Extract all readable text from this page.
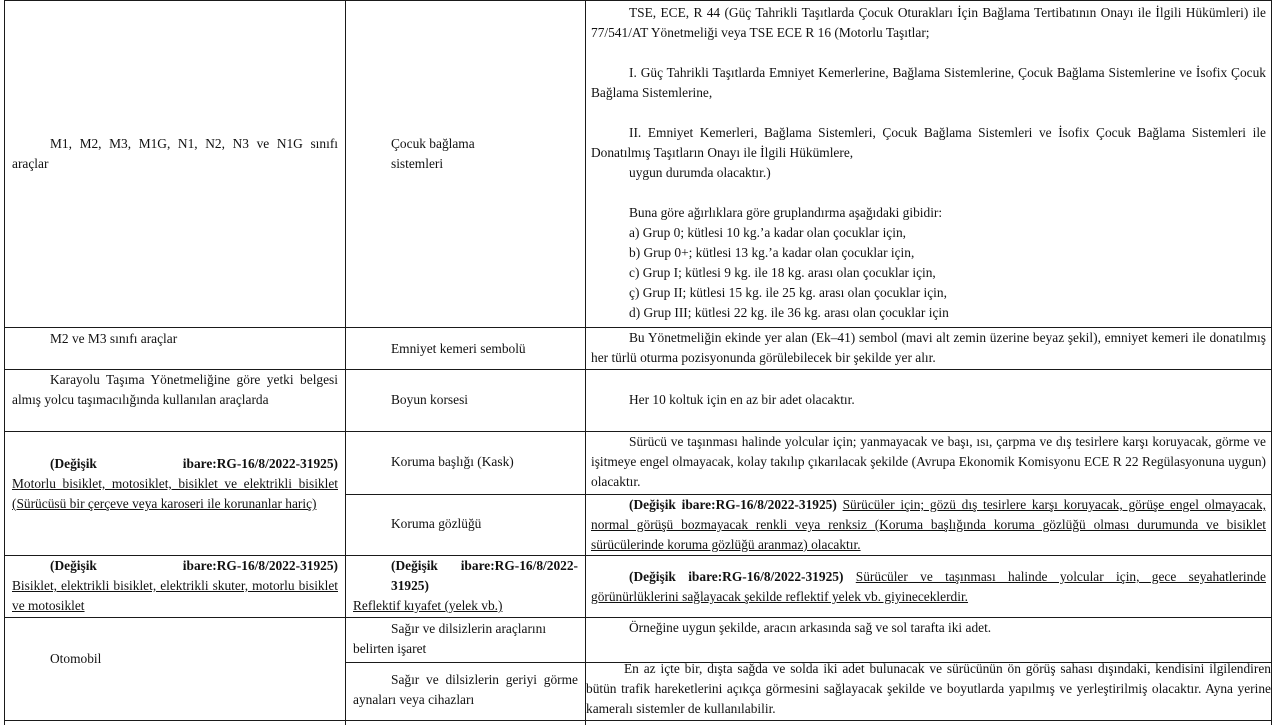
M1, M2, M3, M1G, N1, N2, N3 ve N1G sınıfı araçlar

Çocuk bağlama sistemleri

TSE, ECE, R 44 (Güç Tahrikli Taşıtlarda Çocuk Oturakları İçin Bağlama Tertibatının Onayı ile İlgili Hükümleri) ile 77/541/AT Yönetmeliği veya TSE ECE R 16 (Motorlu Taşıtlar;

I. Güç Tahrikli Taşıtlarda Emniyet Kemerlerine, Bağlama Sistemlerine, Çocuk Bağlama Sistemlerine ve İsofix Çocuk Bağlama Sistemlerine,

II. Emniyet Kemerleri, Bağlama Sistemleri, Çocuk Bağlama Sistemleri ve İsofix Çocuk Bağlama Sistemleri ile Donatılmış Taşıtların Onayı ile İlgili Hükümlere,

uygun durumda olacaktır.)

Buna göre ağırlıklara göre gruplandırma aşağıdaki gibidir:

a) Grup 0; kütlesi 10 kg.’a kadar olan çocuklar için,

b) Grup 0+; kütlesi 13 kg.’a kadar olan çocuklar için,

c) Grup I; kütlesi 9 kg. ile 18 kg. arası olan çocuklar için,

ç) Grup II; kütlesi 15 kg. ile 25 kg. arası olan çocuklar için,

d) Grup III; kütlesi 22 kg. ile 36 kg. arası olan çocuklar için

M2 ve M3 sınıfı araçlar

Emniyet kemeri sembolü

Bu Yönetmeliğin ekinde yer alan (Ek–41) sembol (mavi alt zemin üzerine beyaz şekil), emniyet kemeri ile donatılmış her türlü oturma pozisyonunda görülebilecek bir şekilde yer alır.

Karayolu Taşıma Yönetmeliğine göre yetki belgesi almış yolcu taşımacılığında kullanılan araçlarda	Boyun korsesi	Her 10 koltuk için en az bir adet olacaktır.

(Değişik ibare:RG-16/8/2022-31925)

Motorlu bisiklet, motosiklet, bisiklet ve elektrikli bisiklet (Sürücüsü bir çerçeve veya karoseri ile korunanlar hariç)

Koruma başlığı (Kask)

Sürücü ve taşınması halinde yolcular için; yanmayacak ve başı, ısı, çarpma ve dış tesirlere karşı koruyacak, görme ve işitmeye engel olmayacak, kolay takılıp çıkarılacak şekilde (Avrupa Ekonomik Komisyonu ECE R 22 Regülasyonuna uygun) olacaktır.

Koruma gözlüğü

(Değişik ibare:RG-16/8/2022-31925) Sürücüler için; gözü dış tesirlere karşı koruyacak, görüşe engel olmayacak, normal görüşü bozmayacak renkli veya renksiz (Koruma başlığında koruma gözlüğü olması durumunda ve bisiklet sürücülerinde koruma gözlüğü aranmaz) olacaktır.

(Değişik ibare:RG-16/8/2022-31925)

Bisiklet, elektrikli bisiklet, elektrikli skuter, motorlu bisiklet ve motosiklet

(Değişik ibare:RG-16/8/2022-31925)

Reflektif kıyafet (yelek vb.)

(Değişik ibare:RG-16/8/2022-31925) Sürücüler ve taşınması halinde yolcular için, gece seyahatlerinde görünürlüklerini sağlayacak şekilde reflektif yelek vb. giyineceklerdir.

Otomobil

Sağır ve dilsizlerin araçlarını belirten işaret

Örneğine uygun şekilde, aracın arkasında sağ ve sol tarafta iki adet.

Sağır ve dilsizlerin geriyi görme aynaları veya cihazları

En az içte bir, dışta sağda ve solda iki adet bulunacak ve sürücünün ön görüş sahası dışındaki, kendisini ilgilendiren bütün trafik hareketlerini açıkça görmesini sağlayacak şekilde ve boyutlarda yapılmış ve yerleştirilmiş olacaktır. Ayna yerine kameralı sistemler de kullanılabilir.
